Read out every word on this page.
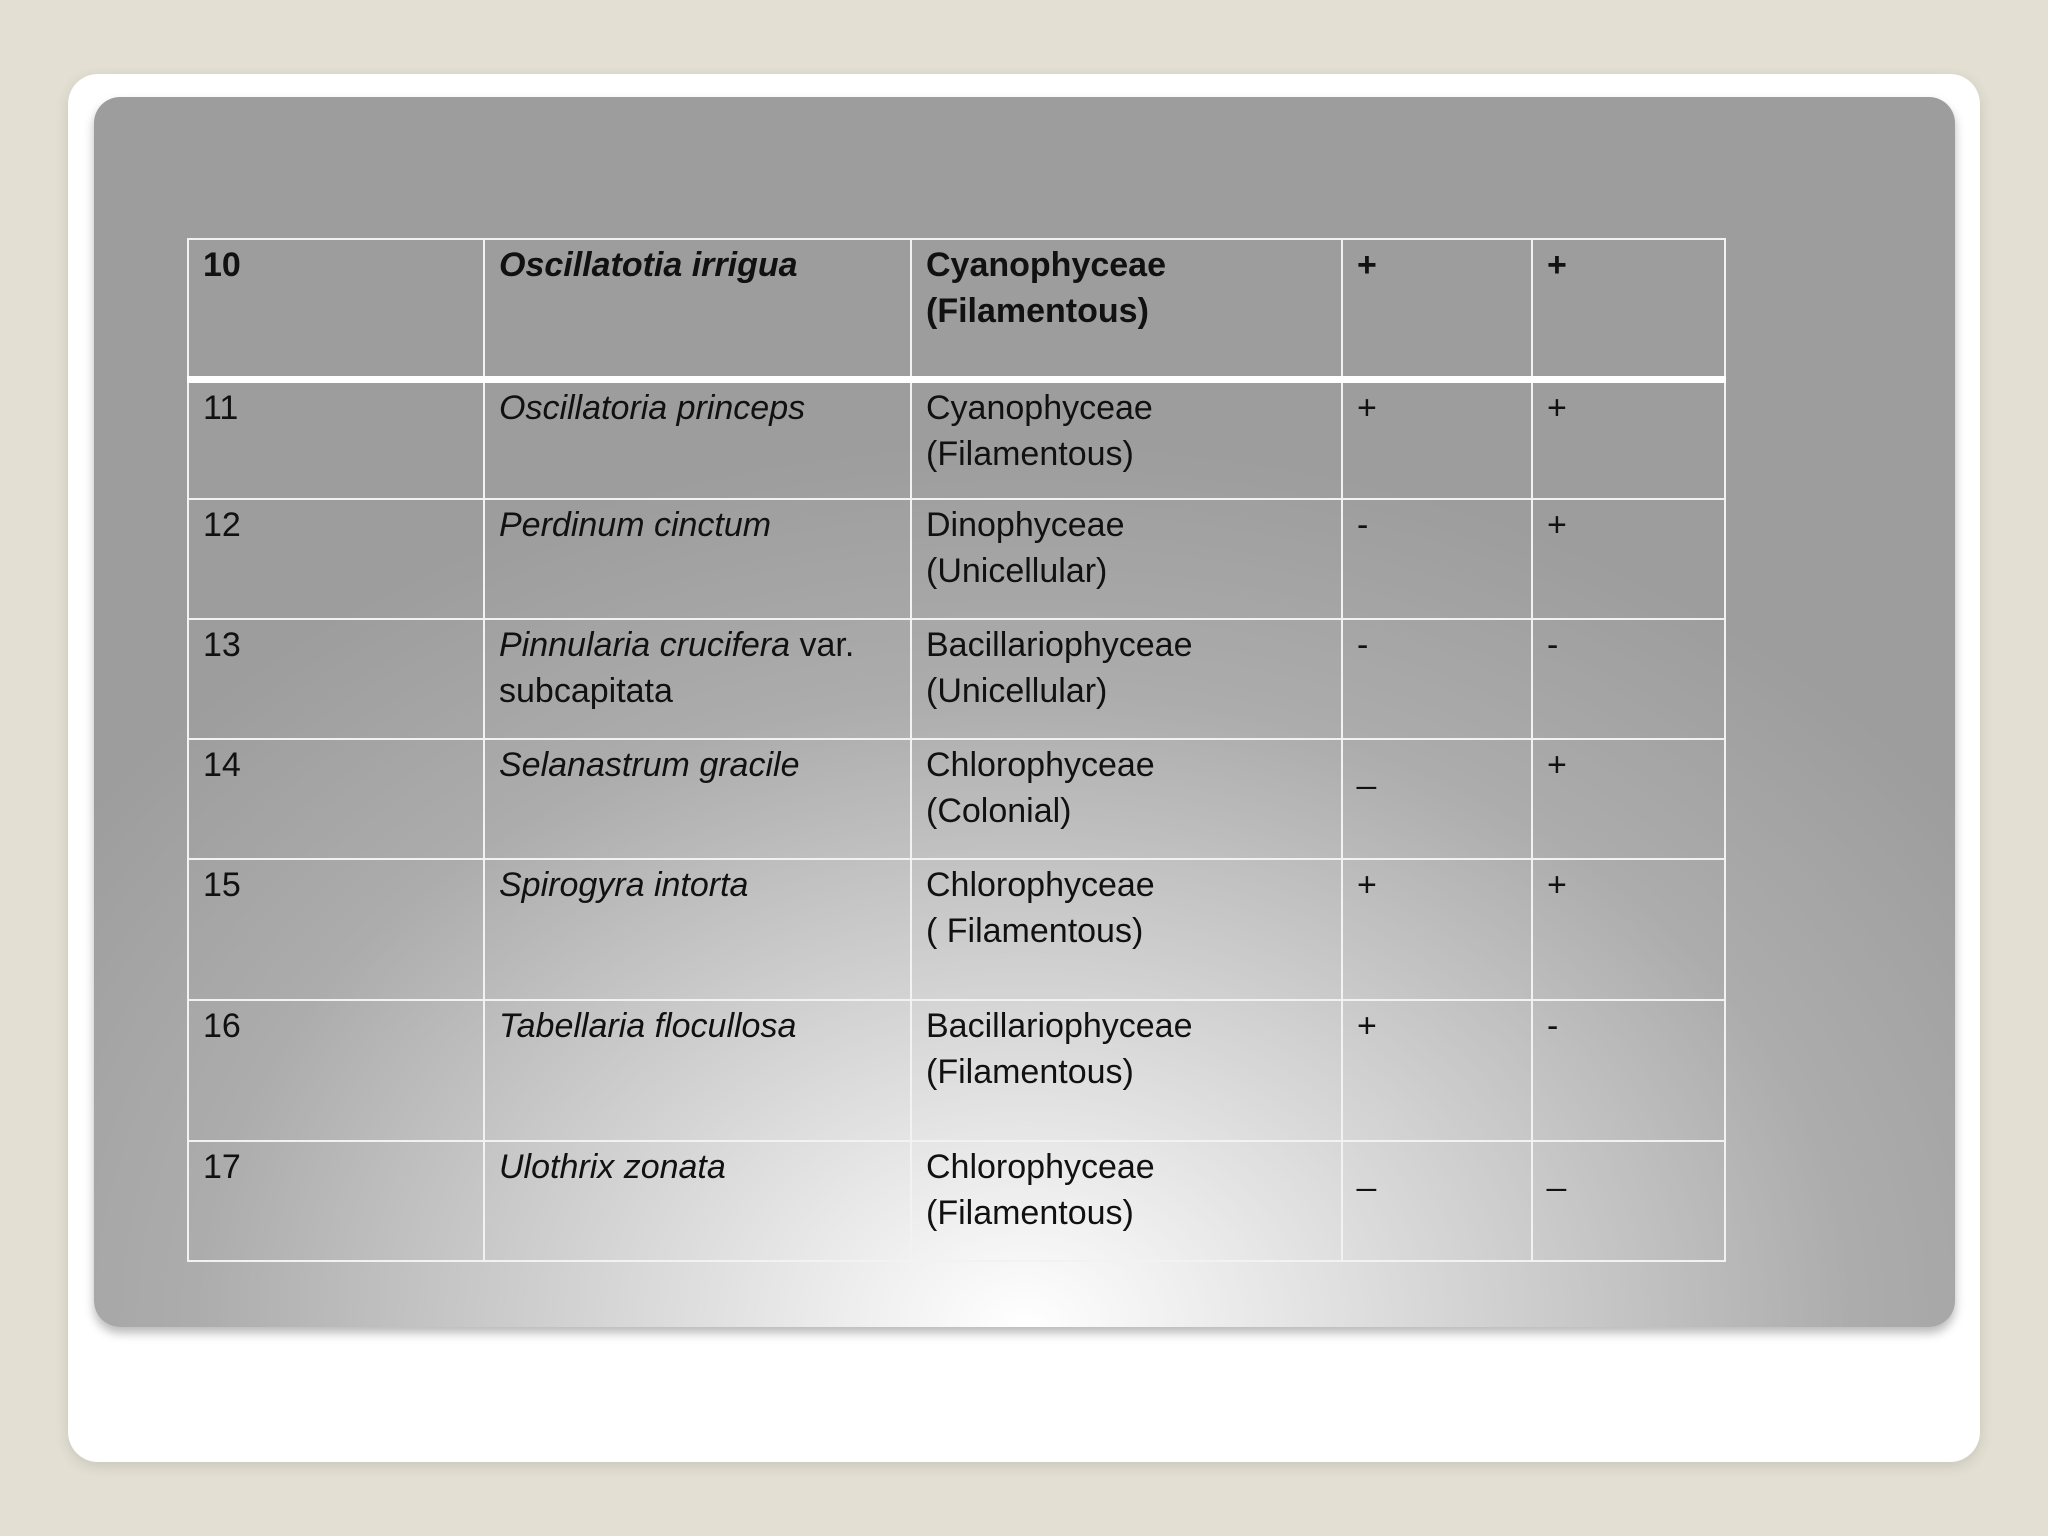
10	Oscillatotia irrigua	Cyanophyceae
(Filamentous)	+	+
11	Oscillatoria princeps	Cyanophyceae
(Filamentous)	+	+
12	Perdinum cinctum	Dinophyceae
(Unicellular)	-	+
13	Pinnularia crucifera var.
subcapitata	Bacillariophyceae
(Unicellular)	-	-
14	Selanastrum gracile	Chlorophyceae
(Colonial)	_	+
15	Spirogyra intorta	Chlorophyceae
( Filamentous)	+	+
16	Tabellaria flocullosa	Bacillariophyceae
(Filamentous)	+	-
17	Ulothrix zonata	Chlorophyceae
(Filamentous)	_	_
